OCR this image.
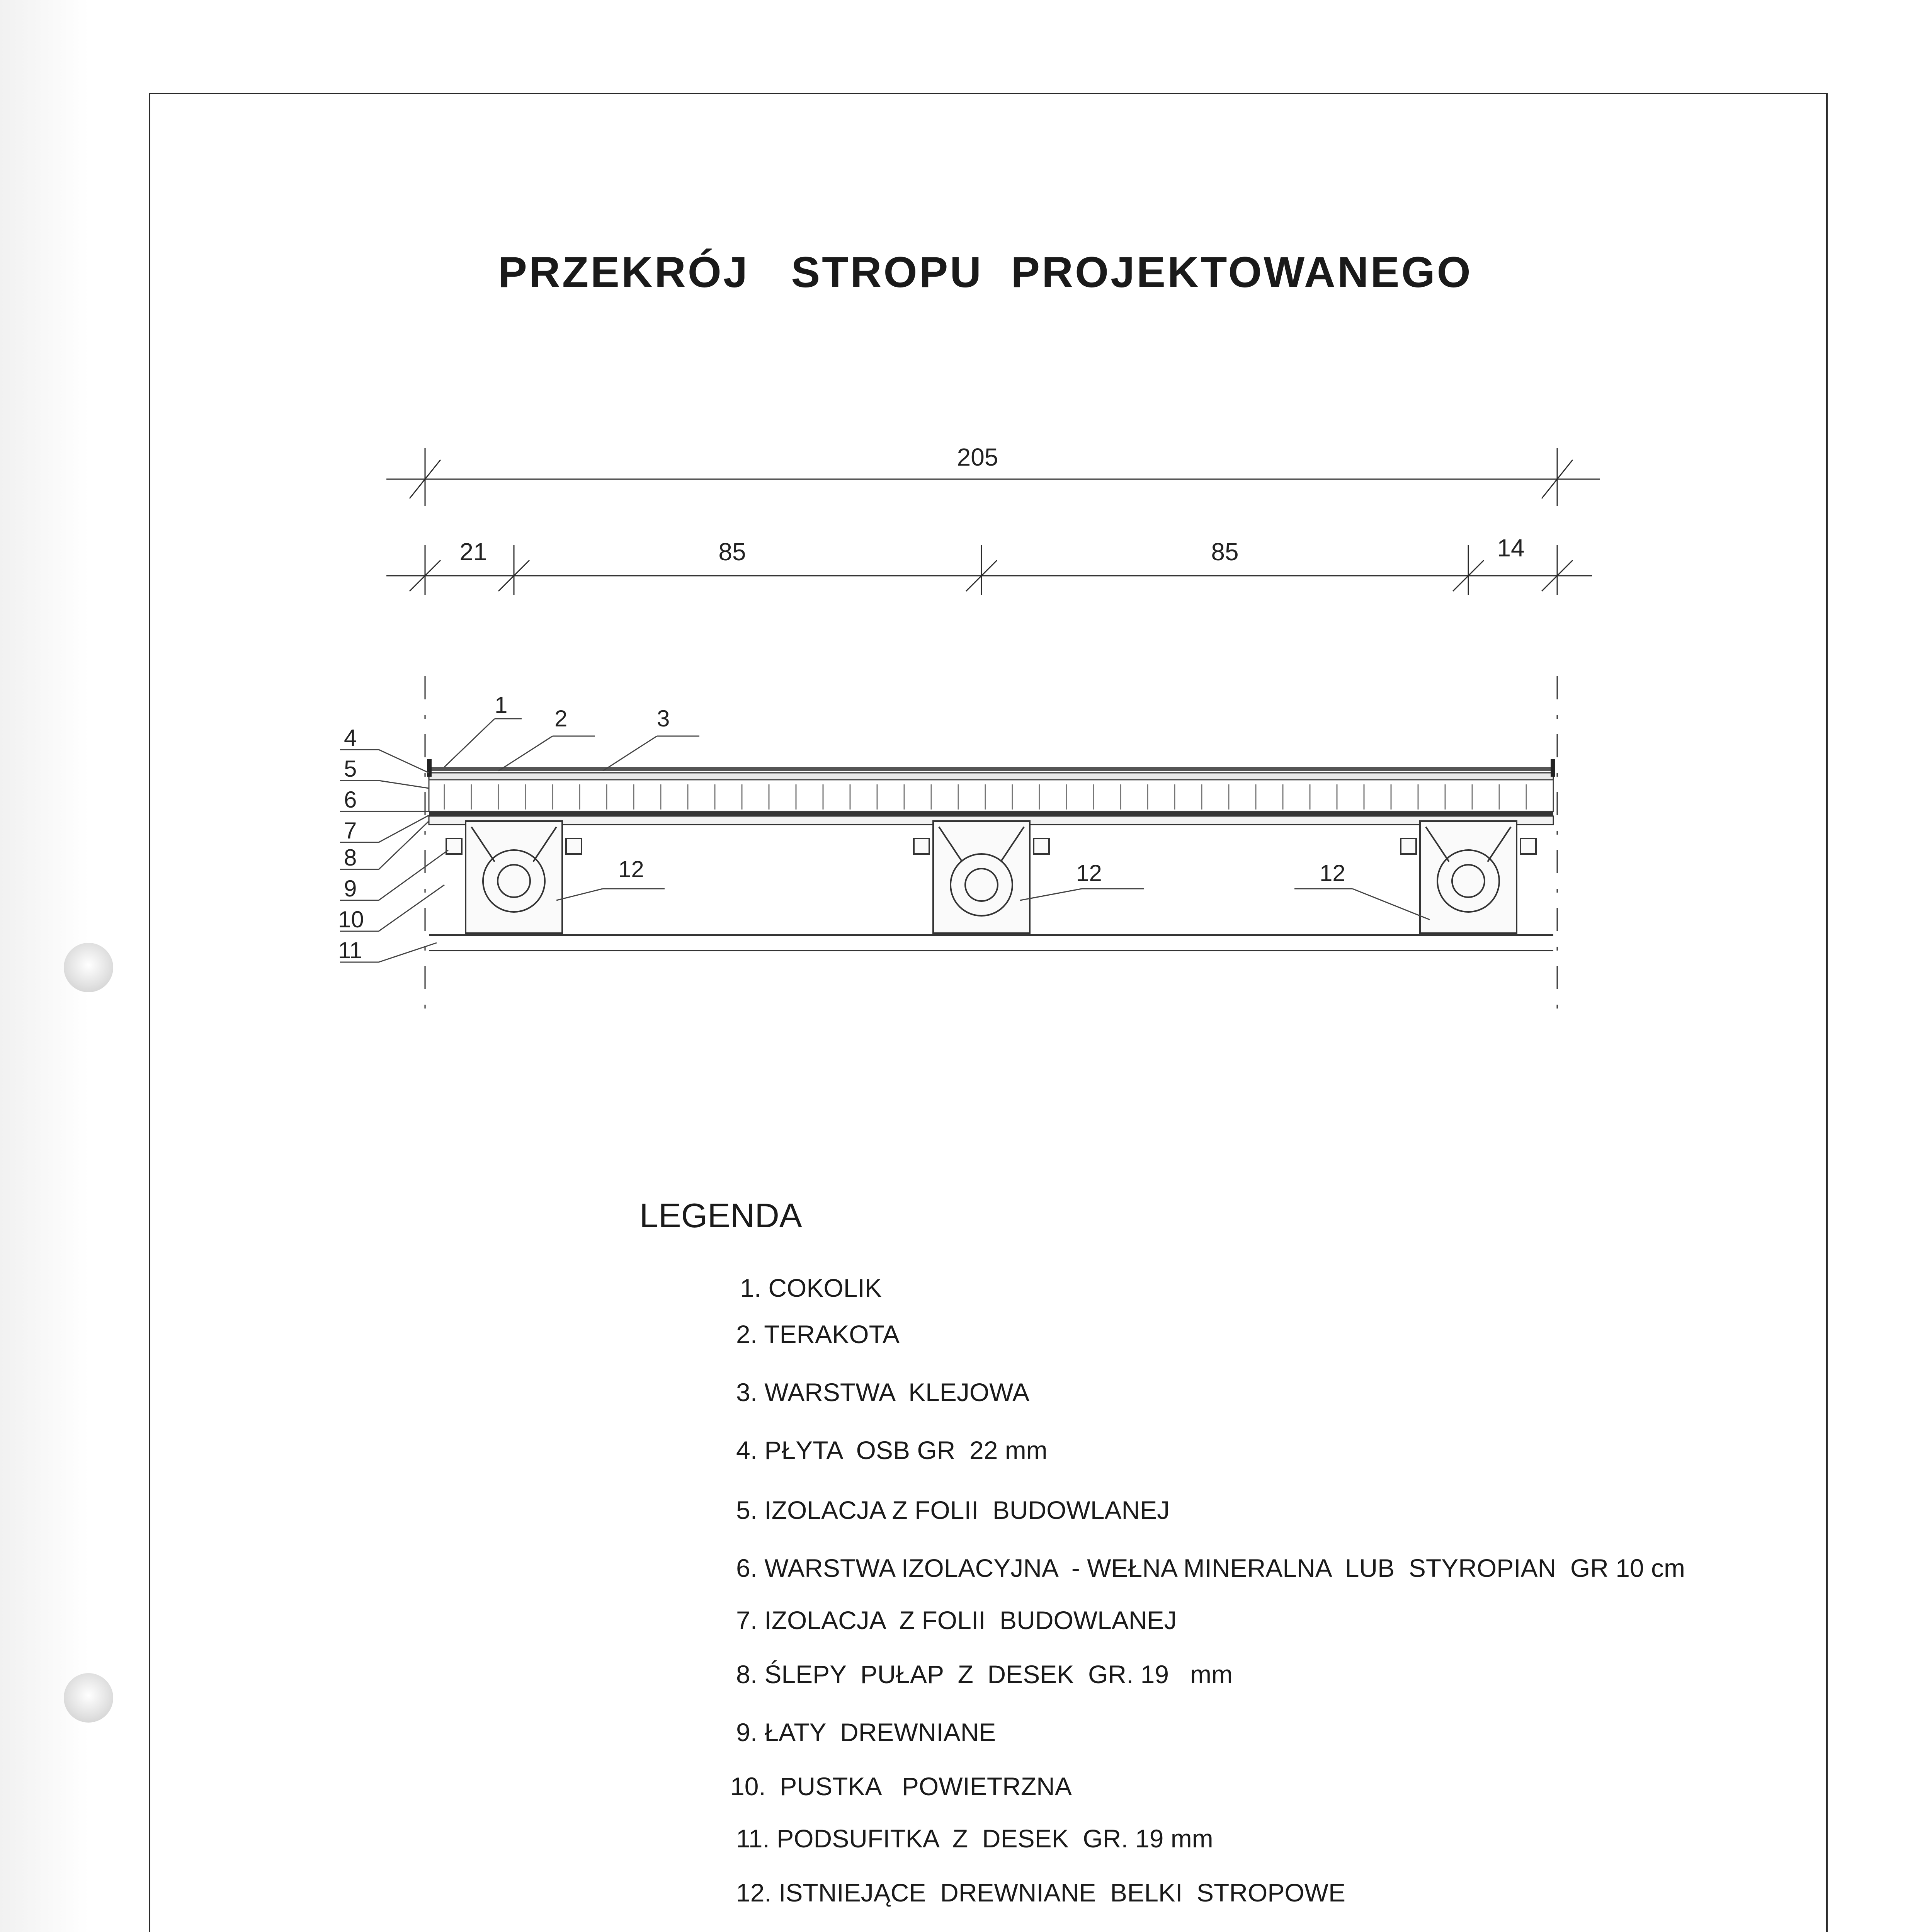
PRZEKRÓJ   STROPU  PROJEKTOWANEGO
205
21	85	85	14
4
5
6
7
8
9
10
11
1
2	3
12	12	12
LEGENDA
1. COKOLIK
2. TERAKOTA
3. WARSTWA  KLEJOWA
4. PŁYTA  OSB GR  22 mm
5. IZOLACJA Z FOLII  BUDOWLANEJ
6. WARSTWA IZOLACYJNA  - WEŁNA MINERALNA  LUB  STYROPIAN  GR 10 cm
7. IZOLACJA  Z FOLII  BUDOWLANEJ
8. ŚLEPY  PUŁAP  Z  DESEK  GR. 19   mm
9. ŁATY  DREWNIANE
10.  PUSTKA   POWIETRZNA
11. PODSUFITKA  Z  DESEK  GR. 19 mm
12. ISTNIEJĄCE  DREWNIANE  BELKI  STROPOWE
